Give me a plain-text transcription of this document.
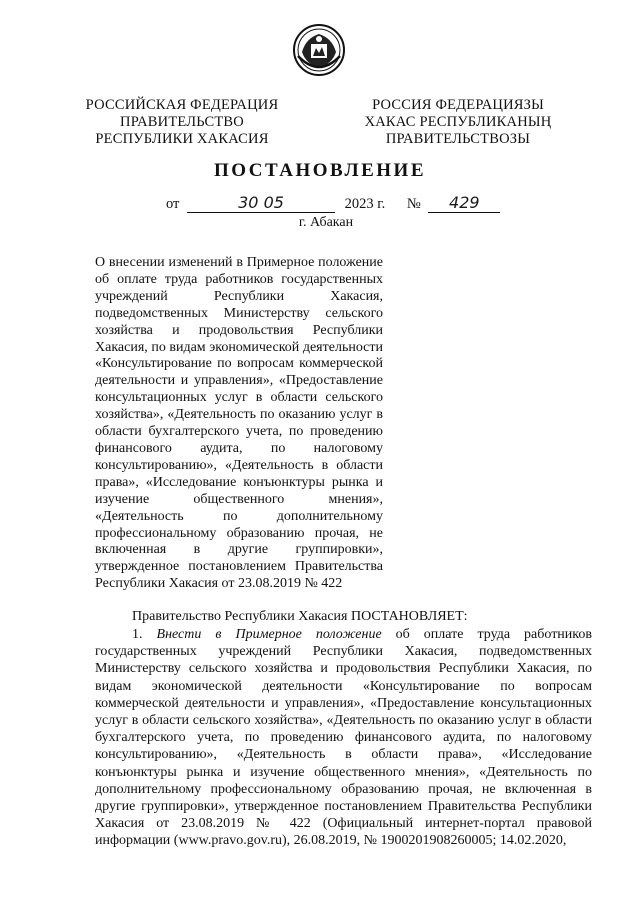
РОССИЙСКАЯ ФЕДЕРАЦИЯ
ПРАВИТЕЛЬСТВО
РЕСПУБЛИКИ ХАКАСИЯ
РОССИЯ ФЕДЕРАЦИЯЗЫ
ХАКАС РЕСПУБЛИКАНЫҢ
ПРАВИТЕЛЬСТВОЗЫ
ПОСТАНОВЛЕНИЕ
от	30 05	2023 г. № 429
г. Абакан
О внесении изменений в Примерное положение об оплате труда работников государственных учреждений Республики Хакасия, подведомственных Министерству сельского хозяйства и продовольствия Республики Хакасия, по видам экономической деятельности «Консультирование по вопросам коммерческой деятельности и управления», «Предоставление консультационных услуг в области сельского хозяйства», «Деятельность по оказанию услуг в области бухгалтерского учета, по проведению финансового аудита, по налоговому консультированию», «Деятельность в области права», «Исследование конъюнктуры рынка и изучение общественного мнения», «Деятельность по дополнительному профессиональному образованию прочая, не включенная в другие группировки», утвержденное постановлением Правительства Республики Хакасия от 23.08.2019 № 422
Правительство Республики Хакасия ПОСТАНОВЛЯЕТ:
1. Внести в Примерное положение об оплате труда работников государственных учреждений Республики Хакасия, подведомственных Министерству сельского хозяйства и продовольствия Республики Хакасия, по видам экономической деятельности «Консультирование по вопросам коммерческой деятельности и управления», «Предоставление консультационных услуг в области сельского хозяйства», «Деятельность по оказанию услуг в области бухгалтерского учета, по проведению финансового аудита, по налоговому консультированию», «Деятельность в области права», «Исследование конъюнктуры рынка и изучение общественного мнения», «Деятельность по дополнительному профессиональному образованию прочая, не включенная в другие группировки», утвержденное постановлением Правительства Республики Хакасия от 23.08.2019 № 422 (Официальный интернет-портал правовой информации (www.pravo.gov.ru), 26.08.2019, № 1900201908260005; 14.02.2020,
